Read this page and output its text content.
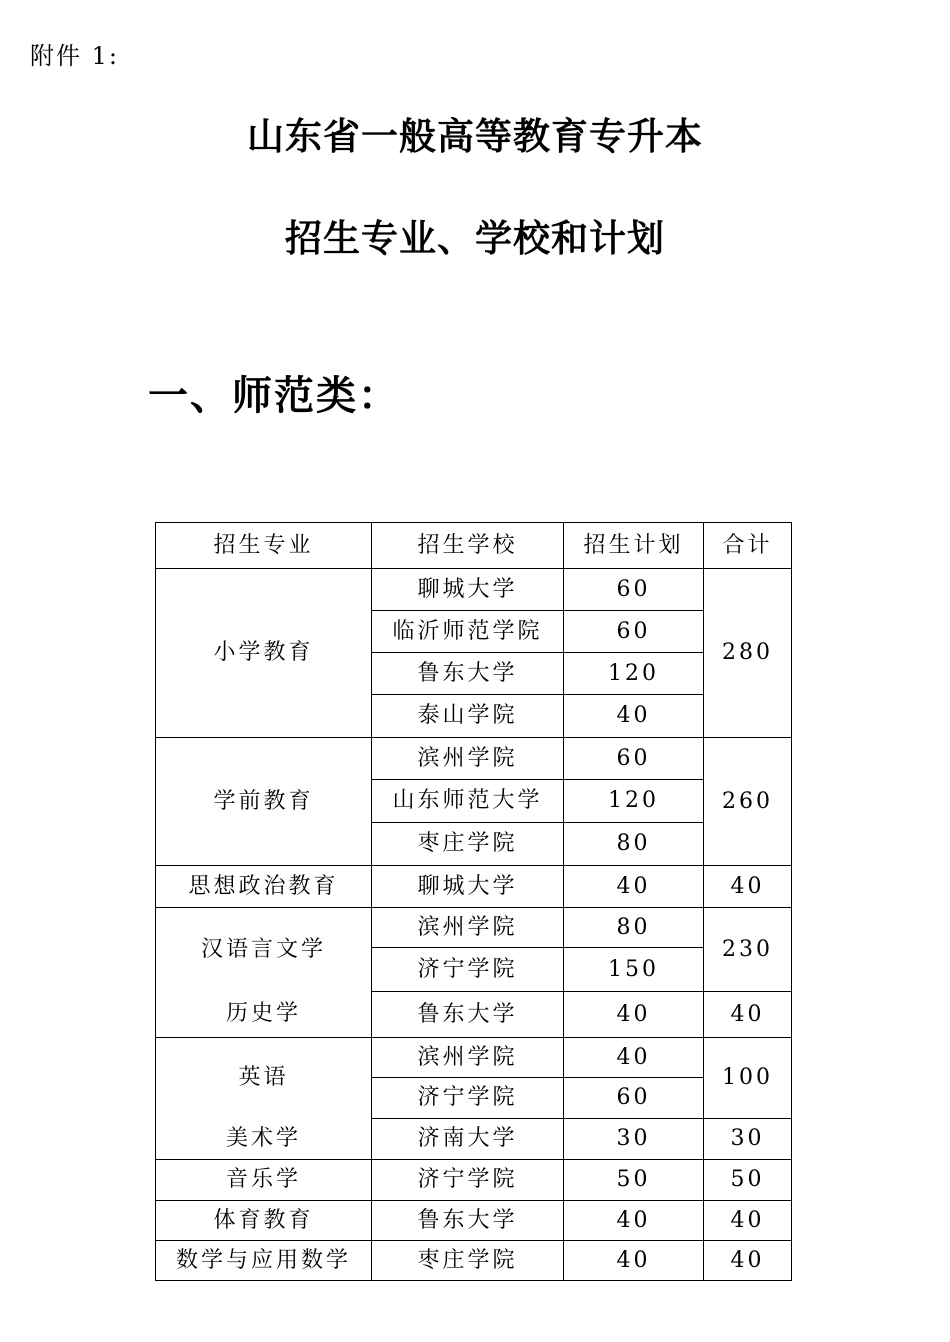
附件 1:
山东省一般高等教育专升本
招生专业、学校和计划
一、师范类：
招生专业	招生学校	招生计划	合计
小学教育	聊城大学	60	280
	临沂师范学院	60	
	鲁东大学	120	
	泰山学院	40	
学前教育	滨州学院	60	260
	山东师范大学	120	
	枣庄学院	80	
思想政治教育	聊城大学	40	40
汉语言文学	滨州学院	80	230
	济宁学院	150	
历史学	鲁东大学	40	40
英语	滨州学院	40	100
	济宁学院	60	
美术学	济南大学	30	30
音乐学	济宁学院	50	50
体育教育	鲁东大学	40	40
数学与应用数学	枣庄学院	40	40
